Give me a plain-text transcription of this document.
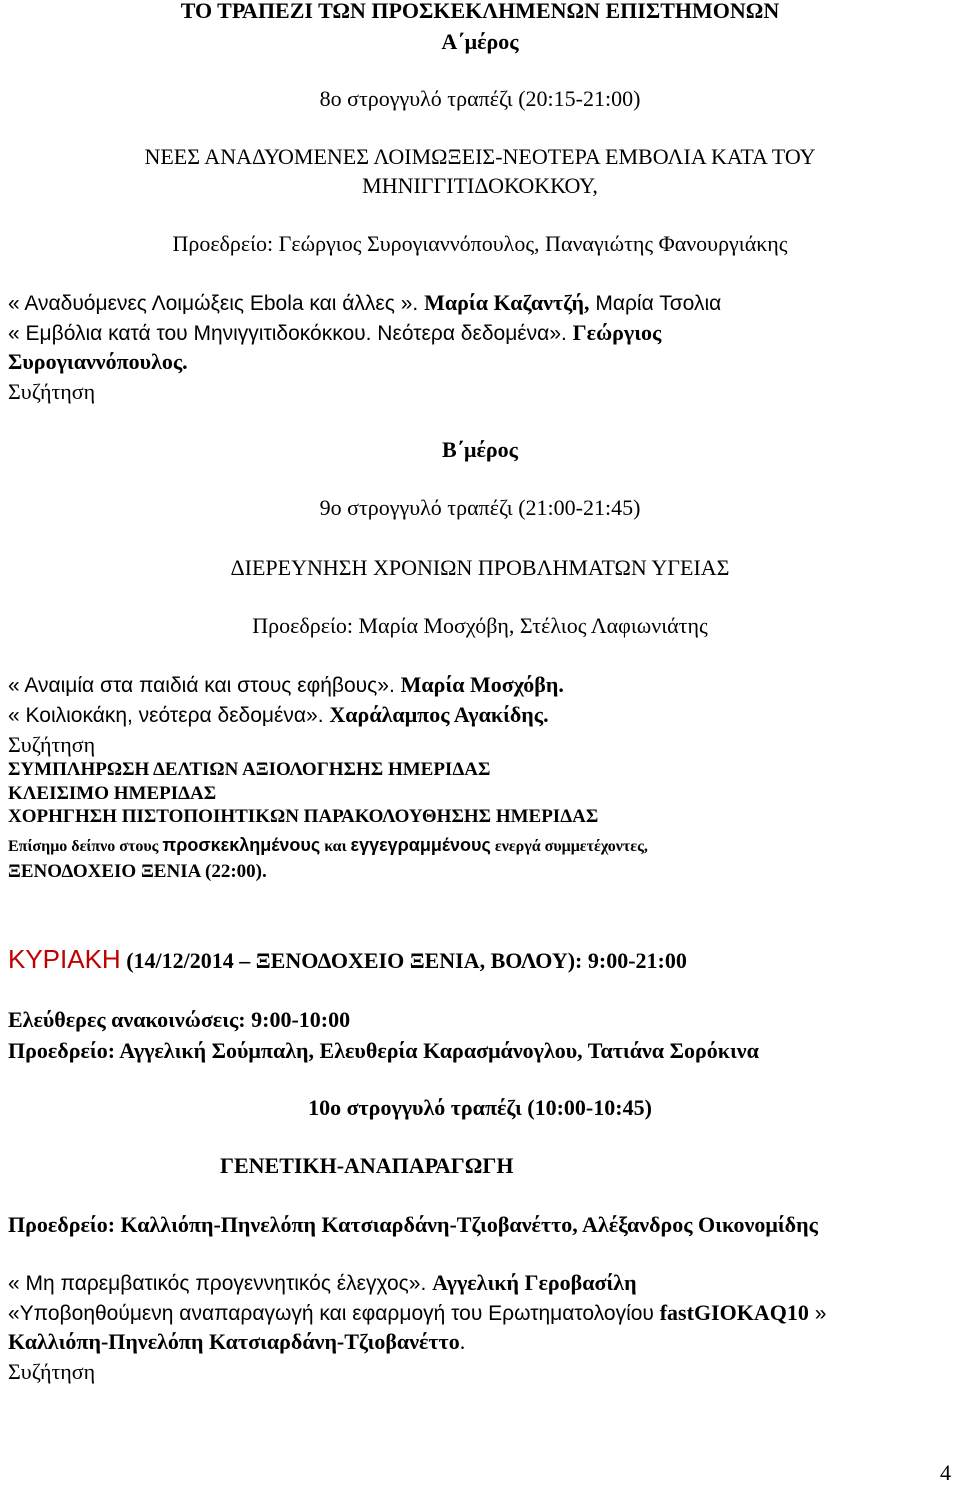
ΤΟ ΤΡΑΠΕΖΙ ΤΩΝ ΠΡΟΣΚΕΚΛΗΜΕΝΩΝ ΕΠΙΣΤΗΜΟΝΩΝ
Α΄μέρος
8ο στρογγυλό τραπέζι (20:15-21:00)
ΝΕΕΣ ΑΝΑΔΥΟΜΕΝΕΣ ΛΟΙΜΩΞΕΙΣ-ΝΕΟΤΕΡΑ ΕΜΒΟΛΙΑ ΚΑΤΑ ΤΟΥ
ΜΗΝΙΓΓΙΤΙΔΟΚΟΚΚΟΥ,
Προεδρείο: Γεώργιος Συρογιαννόπουλος, Παναγιώτης Φανουργιάκης
« Αναδυόμενες Λοιμώξεις Ebola και άλλες ». Μαρία Καζαντζή, Μαρία Τσολια
« Εμβόλια κατά του Μηνιγγιτιδοκόκκου. Νεότερα δεδομένα». Γεώργιος
Συρογιαννόπουλος.
Συζήτηση
Β΄μέρος
9ο στρογγυλό τραπέζι (21:00-21:45)
ΔΙΕΡΕΥΝΗΣΗ ΧΡΟΝΙΩΝ ΠΡΟΒΛΗΜΑΤΩΝ ΥΓΕΙΑΣ
Προεδρείο: Μαρία Μοσχόβη, Στέλιος Λαφιωνιάτης
« Αναιμία στα παιδιά και στους εφήβους». Μαρία Μοσχόβη.
« Κοιλιοκάκη, νεότερα δεδομένα». Χαράλαμπος Αγακίδης.
Συζήτηση
ΣΥΜΠΛΗΡΩΣΗ ΔΕΛΤΙΩΝ ΑΞΙΟΛΟΓΗΣΗΣ ΗΜΕΡΙΔΑΣ
ΚΛΕΙΣΙΜΟ ΗΜΕΡΙΔΑΣ
ΧΟΡΗΓΗΣΗ ΠΙΣΤΟΠΟΙΗΤΙΚΩΝ ΠΑΡΑΚΟΛΟΥΘΗΣΗΣ ΗΜΕΡΙΔΑΣ
Επίσημο δείπνο στους προσκεκλημένους και εγγεγραμμένους ενεργά συμμετέχοντες,
ΞΕΝΟΔΟΧΕΙΟ ΞΕΝΙΑ (22:00).
ΚΥΡΙΑΚΗ (14/12/2014 – ΞΕΝΟΔΟΧΕΙΟ ΞΕΝΙΑ, ΒΟΛΟΥ): 9:00-21:00
Ελεύθερες ανακοινώσεις: 9:00-10:00
Προεδρείο: Αγγελική Σούμπαλη, Ελευθερία Καρασμάνογλου, Τατιάνα Σορόκινα
10ο στρογγυλό τραπέζι (10:00-10:45)
ΓΕΝΕΤΙΚΗ-ΑΝΑΠΑΡΑΓΩΓΗ
Προεδρείο: Καλλιόπη-Πηνελόπη Κατσιαρδάνη-Τζιοβανέττο, Αλέξανδρος Οικονομίδης
« Μη παρεμβατικός προγεννητικός έλεγχος». Αγγελική Γεροβασίλη
«Υποβοηθούμενη αναπαραγωγή και εφαρμογή του Ερωτηματολογίου fastGIOKAQ10 »
Καλλιόπη-Πηνελόπη Κατσιαρδάνη-Τζιοβανέττο.
Συζήτηση
4
